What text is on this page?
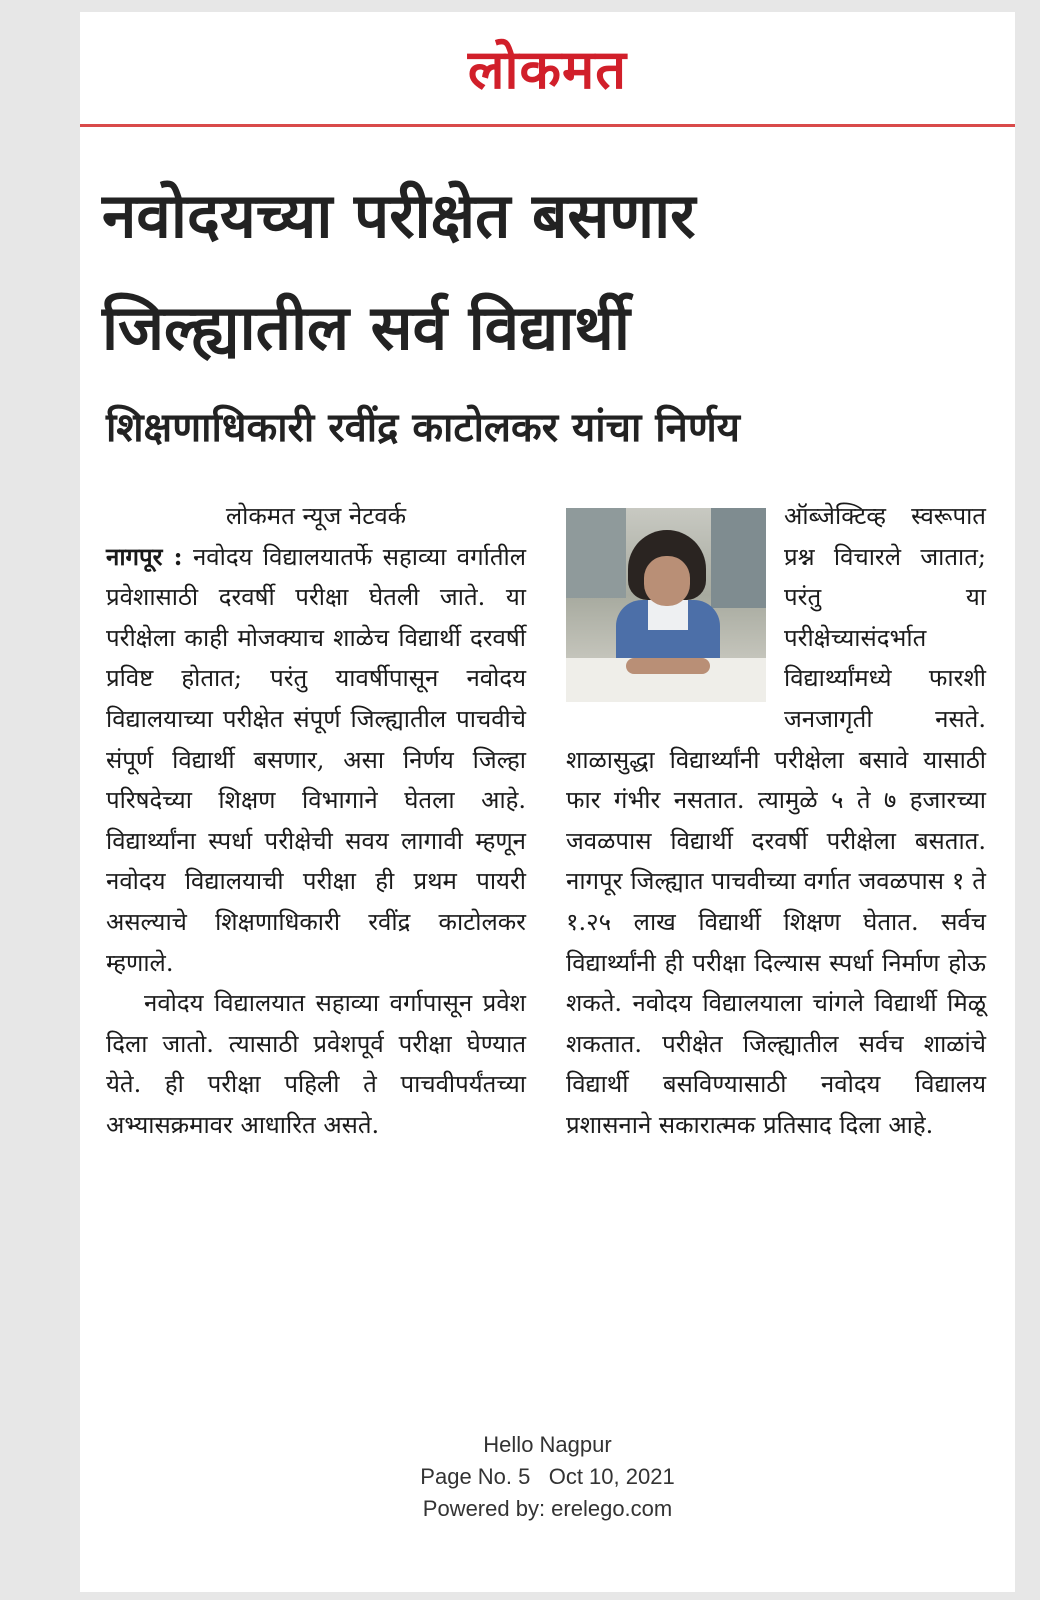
लोकमत
नवोदयच्या परीक्षेत बसणार
जिल्ह्यातील सर्व विद्यार्थी
शिक्षणाधिकारी रवींद्र काटोलकर यांचा निर्णय

लोकमत न्यूज नेटवर्क

नागपूर : नवोदय विद्यालयातर्फे सहाव्या वर्गातील प्रवेशासाठी दरवर्षी परीक्षा घेतली जाते. या परीक्षेला काही मोजक्याच शाळेच विद्यार्थी दरवर्षी प्रविष्ट होतात; परंतु यावर्षीपासून नवोदय विद्यालयाच्या परीक्षेत संपूर्ण जिल्ह्यातील पाचवीचे संपूर्ण विद्यार्थी बसणार, असा निर्णय जिल्हा परिषदेच्या शिक्षण विभागाने घेतला आहे. विद्यार्थ्यांना स्पर्धा परीक्षेची सवय लागावी म्हणून नवोदय विद्यालयाची परीक्षा ही प्रथम पायरी असल्याचे शिक्षणाधिकारी रवींद्र काटोलकर म्हणाले.

नवोदय विद्यालयात सहाव्या वर्गापासून प्रवेश दिला जातो. त्यासाठी प्रवेशपूर्व परीक्षा घेण्यात येते. ही परीक्षा पहिली ते पाचवीपर्यंतच्या अभ्यासक्रमावर आधारित असते.

ऑब्जेक्टिव्ह स्वरूपात प्रश्न विचारले जातात; परंतु या परीक्षेच्यासंदर्भात विद्यार्थ्यांमध्ये फारशी जनजागृती नसते. शाळासुद्धा विद्यार्थ्यांनी परीक्षेला बसावे यासाठी फार गंभीर नसतात. त्यामुळे ५ ते ७ हजारच्या जवळपास विद्यार्थी दरवर्षी परीक्षेला बसतात. नागपूर जिल्ह्यात पाचवीच्या वर्गात जवळपास १ ते १.२५ लाख विद्यार्थी शिक्षण घेतात. सर्वच विद्यार्थ्यांनी ही परीक्षा दिल्यास स्पर्धा निर्माण होऊ शकते. नवोदय विद्यालयाला चांगले विद्यार्थी मिळू शकतात. परीक्षेत जिल्ह्यातील सर्वच शाळांचे विद्यार्थी बसविण्यासाठी नवोदय विद्यालय प्रशासनाने सकारात्मक प्रतिसाद दिला आहे.

Hello Nagpur

Page No. 5 Oct 10, 2021

Powered by: erelego.com
